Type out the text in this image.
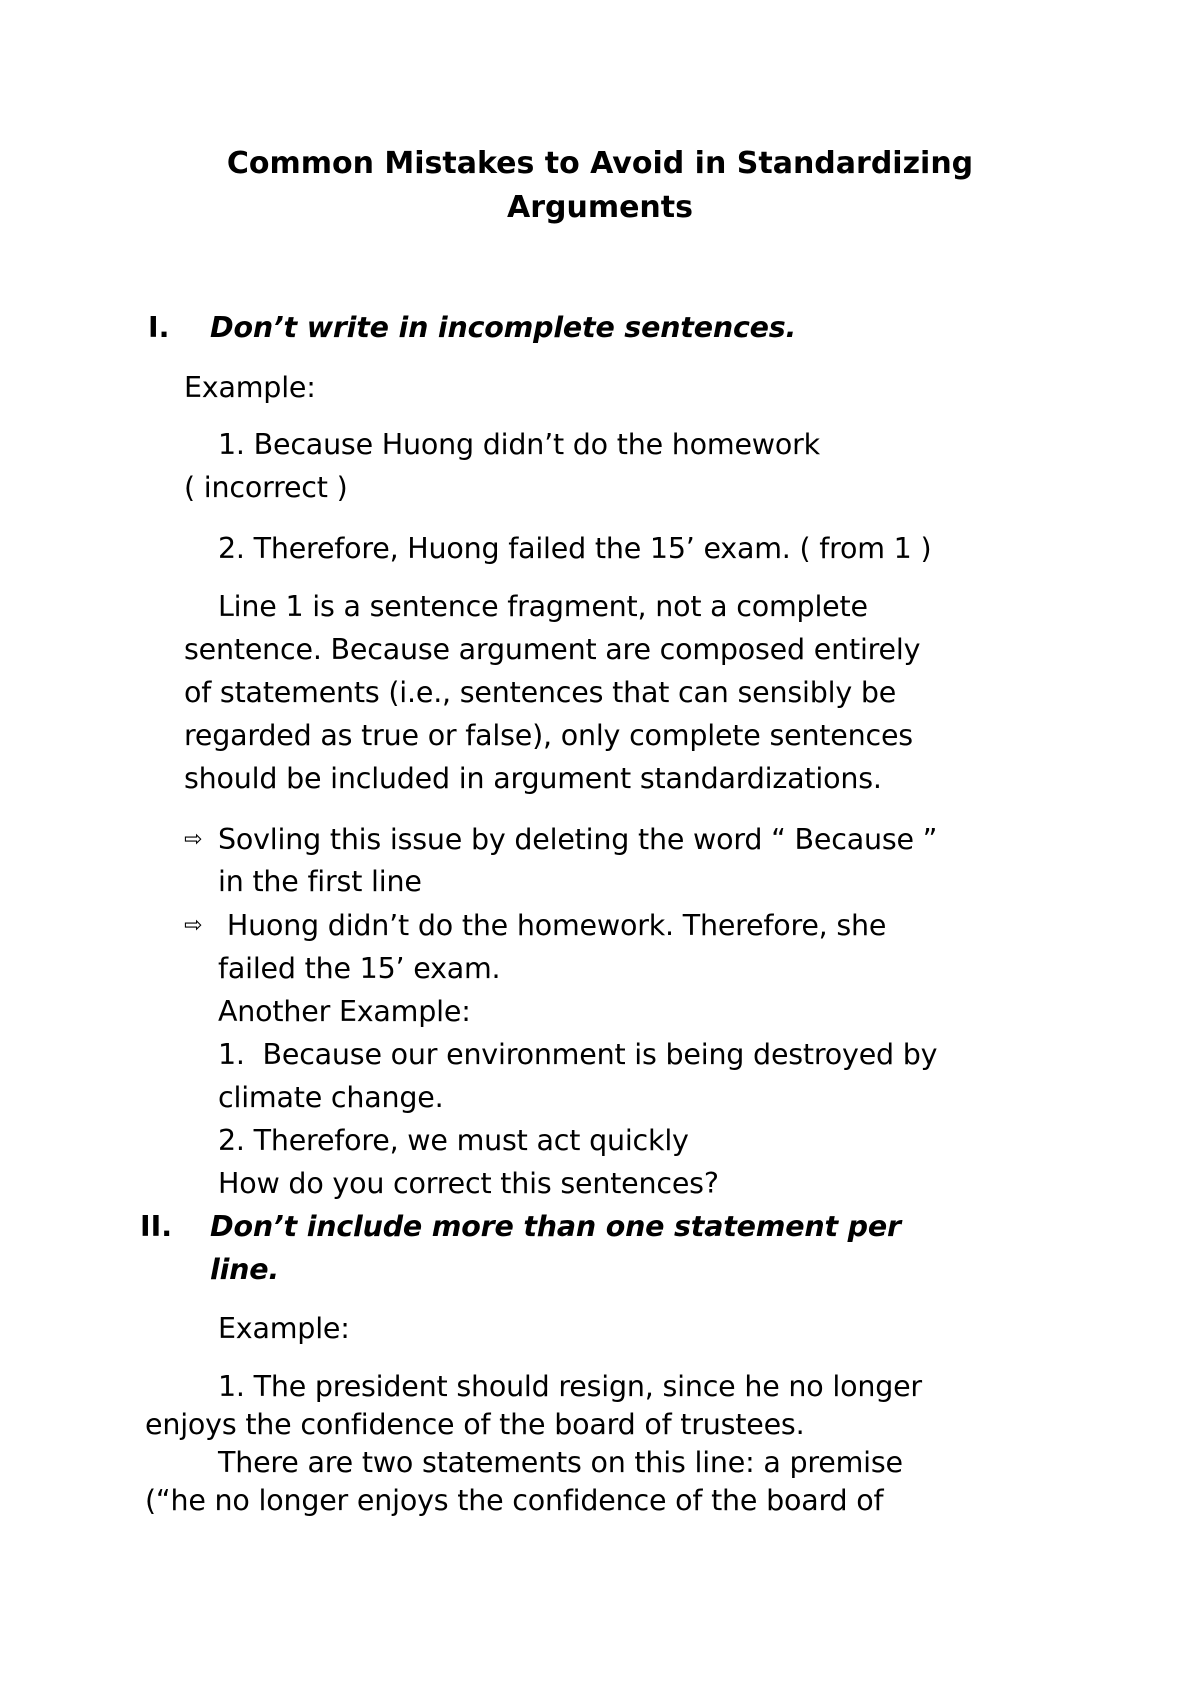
Common Mistakes to Avoid in Standardizing
Arguments
I. Don’t write in incomplete sentences.
Example:
1. Because Huong didn’t do the homework
( incorrect )
2. Therefore, Huong failed the 15’ exam. ( from 1 )
Line 1 is a sentence fragment, not a complete
sentence. Because argument are composed entirely
of statements (i.e., sentences that can sensibly be
regarded as true or false), only complete sentences
should be included in argument standardizations.
⇨ Sovling this issue by deleting the word “ Because ”
in the first line
⇨ Huong didn’t do the homework. Therefore, she
failed the 15’ exam.
Another Example:
1.  Because our environment is being destroyed by
climate change.
2. Therefore, we must act quickly
How do you correct this sentences?
II. Don’t include more than one statement per
line.
Example:
1. The president should resign, since he no longer
enjoys the confidence of the board of trustees.
There are two statements on this line: a premise
(“he no longer enjoys the confidence of the board of
